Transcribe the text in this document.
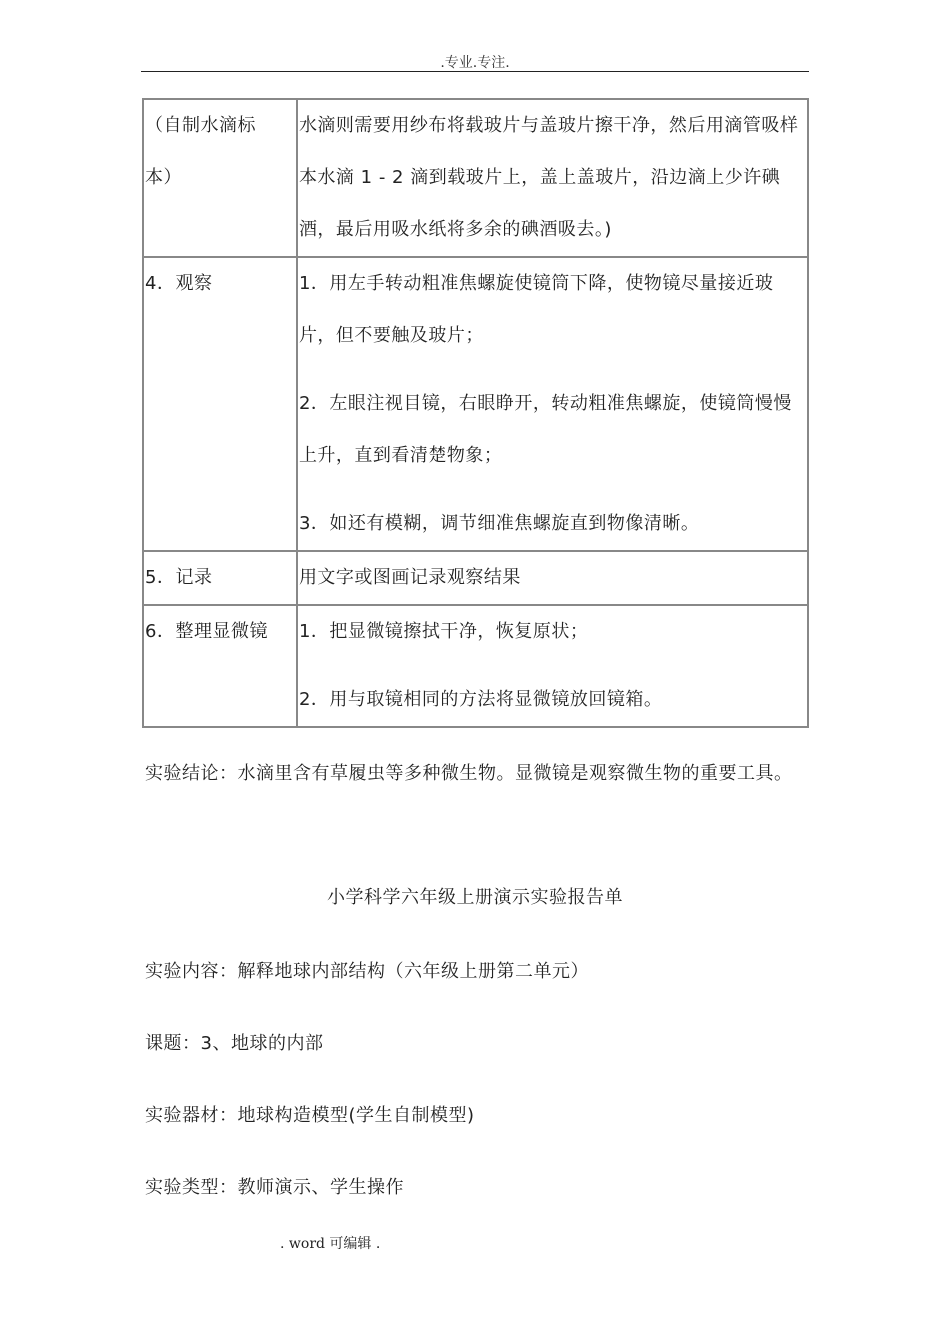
.专业.专注.
（自制水滴标本）	水滴则需要用纱布将载玻片与盖玻片擦干净，然后用滴管吸样本水滴 1 - 2 滴到载玻片上，盖上盖玻片，沿边滴上少许碘酒，最后用吸水纸将多余的碘酒吸去。)

4．观察	1．用左手转动粗准焦螺旋使镜筒下降，使物镜尽量接近玻片，但不要触及玻片；

2．左眼注视目镜，右眼睁开，转动粗准焦螺旋，使镜筒慢慢上升，直到看清楚物象；

3．如还有模糊，调节细准焦螺旋直到物像清晰。

5．记录	用文字或图画记录观察结果

6．整理显微镜	1．把显微镜擦拭干净，恢复原状；

2．用与取镜相同的方法将显微镜放回镜箱。

实验结论：水滴里含有草履虫等多种微生物。显微镜是观察微生物的重要工具。
小学科学六年级上册演示实验报告单
实验内容：解释地球内部结构（六年级上册第二单元）
课题：3、地球的内部
实验器材：地球构造模型(学生自制模型)
实验类型：教师演示、学生操作
. word 可编辑 .
